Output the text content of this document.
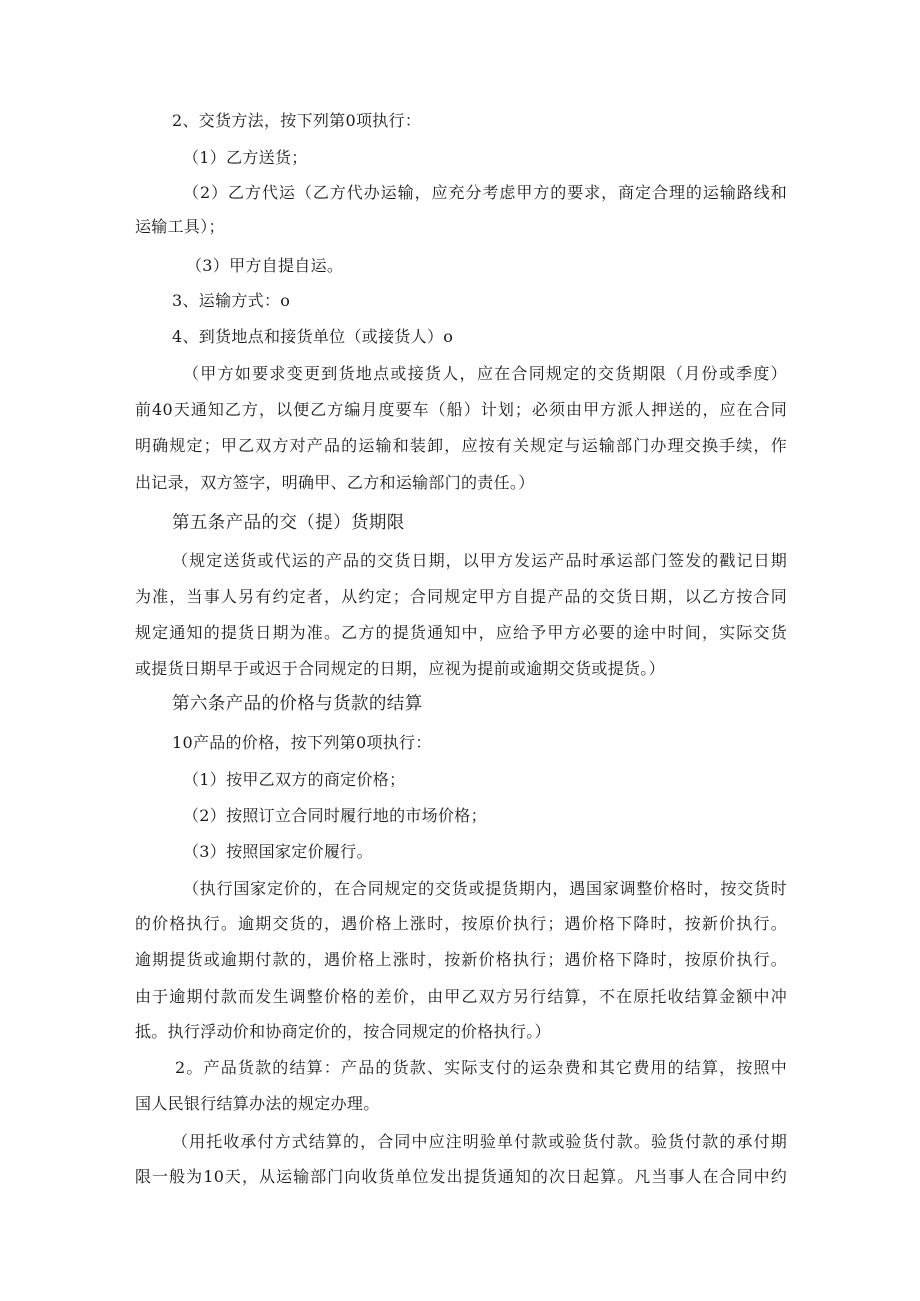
2、交货方法，按下列第0项执行：
（1）乙方送货；
（2）乙方代运（乙方代办运输，应充分考虑甲方的要求，商定合理的运输路线和
运输工具）；
（3）甲方自提自运。
3、运输方式：o
4、到货地点和接货单位（或接货人）o
（甲方如要求变更到货地点或接货人，应在合同规定的交货期限（月份或季度）
前40天通知乙方，以便乙方编月度要车（船）计划；必须由甲方派人押送的，应在合同
明确规定；甲乙双方对产品的运输和装卸，应按有关规定与运输部门办理交换手续，作
出记录，双方签字，明确甲、乙方和运输部门的责任。）
第五条产品的交（提）货期限
（规定送货或代运的产品的交货日期，以甲方发运产品时承运部门签发的戳记日期
为准，当事人另有约定者，从约定；合同规定甲方自提产品的交货日期，以乙方按合同
规定通知的提货日期为准。乙方的提货通知中，应给予甲方必要的途中时间，实际交货
或提货日期早于或迟于合同规定的日期，应视为提前或逾期交货或提货。）
第六条产品的价格与货款的结算
10产品的价格，按下列第0项执行：
（1）按甲乙双方的商定价格；
（2）按照订立合同时履行地的市场价格；
（3）按照国家定价履行。
（执行国家定价的，在合同规定的交货或提货期内，遇国家调整价格时，按交货时
的价格执行。逾期交货的，遇价格上涨时，按原价执行；遇价格下降时，按新价执行。
逾期提货或逾期付款的，遇价格上涨时，按新价格执行；遇价格下降时，按原价执行。
由于逾期付款而发生调整价格的差价，由甲乙双方另行结算，不在原托收结算金额中冲
抵。执行浮动价和协商定价的，按合同规定的价格执行。）
2。产品货款的结算：产品的货款、实际支付的运杂费和其它费用的结算，按照中
国人民银行结算办法的规定办理。
（用托收承付方式结算的，合同中应注明验单付款或验货付款。验货付款的承付期
限一般为10天，从运输部门向收货单位发出提货通知的次日起算。凡当事人在合同中约
